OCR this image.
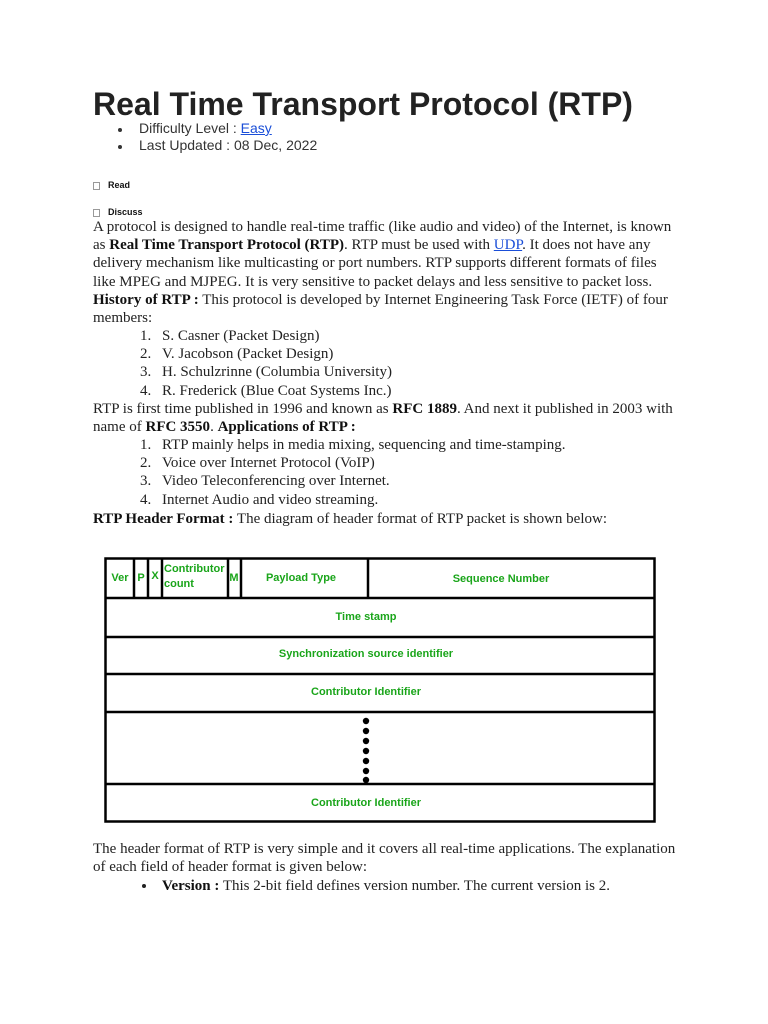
Real Time Transport Protocol (RTP)
Difficulty Level : Easy
Last Updated : 08 Dec, 2022
Read
Discuss

A protocol is designed to handle real-time traffic (like audio and video) of the Internet, is known as Real Time Transport Protocol (RTP). RTP must be used with UDP. It does not have any delivery mechanism like multicasting or port numbers. RTP supports different formats of files like MPEG and MJPEG. It is very sensitive to packet delays and less sensitive to packet loss. History of RTP : This protocol is developed by Internet Engineering Task Force (IETF) of four members:

1. S. Casner (Packet Design)
2. V. Jacobson (Packet Design)
3. H. Schulzrinne (Columbia University)
4. R. Frederick (Blue Coat Systems Inc.)

RTP is first time published in 1996 and known as RFC 1889. And next it published in 2003 with name of RFC 3550. Applications of RTP :

1. RTP mainly helps in media mixing, sequencing and time-stamping.
2. Voice over Internet Protocol (VoIP)
3. Video Teleconferencing over Internet.
4. Internet Audio and video streaming.

RTP Header Format : The diagram of header format of RTP packet is shown below:

Ver P X
Contributor
count	M Payload Type	Sequence Number
Time stamp
Synchronization source identifier
Contributor Identifier
Contributor Identifier

The header format of RTP is very simple and it covers all real-time applications. The explanation of each field of header format is given below:

Version : This 2-bit field defines version number. The current version is 2.
